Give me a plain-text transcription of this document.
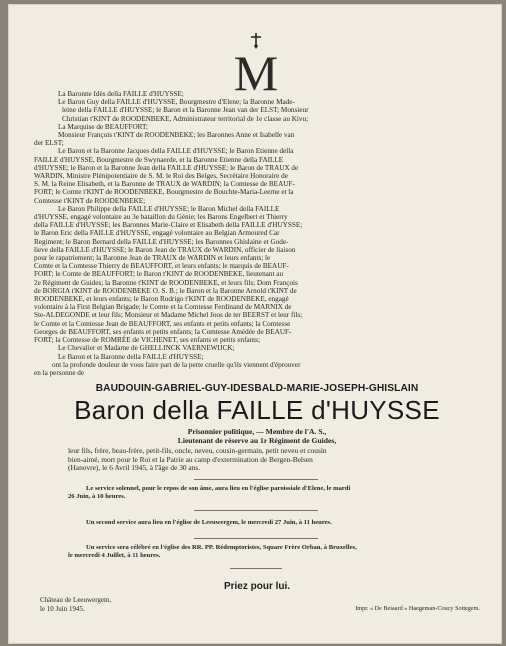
M

La Baronne Idès della FAILLE d'HUYSSE;

Le Baron Guy della FAILLE d'HUYSSE, Bourgmestre d'Elene; la Baronne Made-

leine della FAILLE d'HUYSSE; le Baron et la Baronne Jean van der ELST; Monsieur

Christian t'KINT de ROODENBEKE, Administrateur territorial de 1e classe au Kivu;

La Marquise de BEAUFFORT;

Monsieur François t'KINT de ROODENBEKE; les Baronnes Anne et Isabelle van

der ELST;

Le Baron et la Baronne Jacques della FAILLE d'HUYSSE; le Baron Etienne della

FAILLE d'HUYSSE, Bourgmestre de Swynaerde, et la Baronne Etienne della FAILLE

d'HUYSSE; le Baron et la Baronne Jean della FAILLE d'HUYSSE; le Baron de TRAUX de

WARDIN, Ministre Plénipotentiaire de S. M. le Roi des Belges, Secrétaire Honoraire de

S. M. la Reine Elisabeth, et la Baronne de TRAUX de WARDIN; la Comtesse de BEAUF-

FORT; le Comte t'KINT de ROODENBEKE, Bourgmestre de Bouchte-Maria-Leerne et la

Comtesse t'KINT de ROODENBEKE;

Le Baron Philippe della FAILLE d'HUYSSE; le Baron Michel della FAILLE

d'HUYSSE, engagé volontaire au 3e bataillon du Génie; les Barons Engelbert et Thierry

della FAILLE d'HUYSSE; les Baronnes Marie-Claire et Elisabeth della FAILLE d'HUYSSE;

le Baron Eric della FAILLE d'HUYSSE, engagé volontaire au Belgian Armoured Car

Regiment; le Baron Bernard della FAILLE d'HUYSSE; les Baronnes Ghislaine et Gode-

lieve della FAILLE d'HUYSSE; le Baron Jean de TRAUX de WARDIN, officier de liaison

pour le rapatriement; la Baronne Jean de TRAUX de WARDIN et leurs enfants; le

Comte et la Comtesse Thierry de BEAUFFORT, et leurs enfants; le marquis de BEAUF-

FORT; le Comte de BEAUFFORT; le Baron t'KINT de ROODENBEKE, lieutenant au

2e Régiment de Guides; la Baronne t'KINT de ROODENBEKE, et leurs fils; Dom François

de BORGIA t'KINT de ROODENBEKE O. S. B.; le Baron et la Baronne Arnold t'KINT de

ROODENBEKE, et leurs enfants; le Baron Rodrigo t'KINT de ROODENBEKE, engagé

volontaire à la First Belgian Brigade; le Comte et la Comtesse Ferdinand de MARNIX de

Ste-ALDEGONDE et leur fils; Monsieur et Madame Michel Joos de ter BEERST et leur fils;

le Comte et la Comtesse Jean de BEAUFFORT, ses enfants et petits enfants; la Comtesse

Georges de BEAUFFORT, ses enfants et petits enfants; la Comtesse Amédée de BEAUF-

FORT; la Comtesse de ROMRÉE de VICHENET, ses enfants et petits enfants;

Le Chevalier et Madame de GHELLINCK VAERNEWIJCK;

Le Baron et la Baronne della FAILLE d'HUYSSE;

ont la profonde douleur de vous faire part de la perte cruelle qu'ils viennent d'éprouver

en la personne de

BAUDOUIN-GABRIEL-GUY-IDESBALD-MARIE-JOSEPH-GHISLAIN
Baron della FAILLE d'HUYSSE
Prisonnier politique, — Membre de l'A. S.,
Lieutenant de réserve au 1r Régiment de Guides,
leur fils, frère, beau-frère, petit-fils, oncle, neveu, cousin-germain, petit neveu et cousin
bien-aimé, mort pour le Roi et la Patrie au camp d'extermination de Bergen-Belsen
(Hanovre), le 6 Avril 1945, à l'âge de 30 ans.
Le service solennel, pour le repos de son âme, aura lieu en l'église paroissiale d'Elene, le mardi
26 Juin, à 10 heures.
Un second service aura lieu en l'église de Leeuwergem, le mercredi 27 Juin, à 11 heures.
Un service sera célébré en l'église des RR. PP. Rédemptoristes, Square Frère Orban, à Bruxelles,
le mercredi 4 Juillet, à 11 heures.
Priez pour lui.
Château de Leeuwergem,
le 10 Juin 1945.	Impr. « De Beiaard » Haegeman-Coucy Sottegem.
